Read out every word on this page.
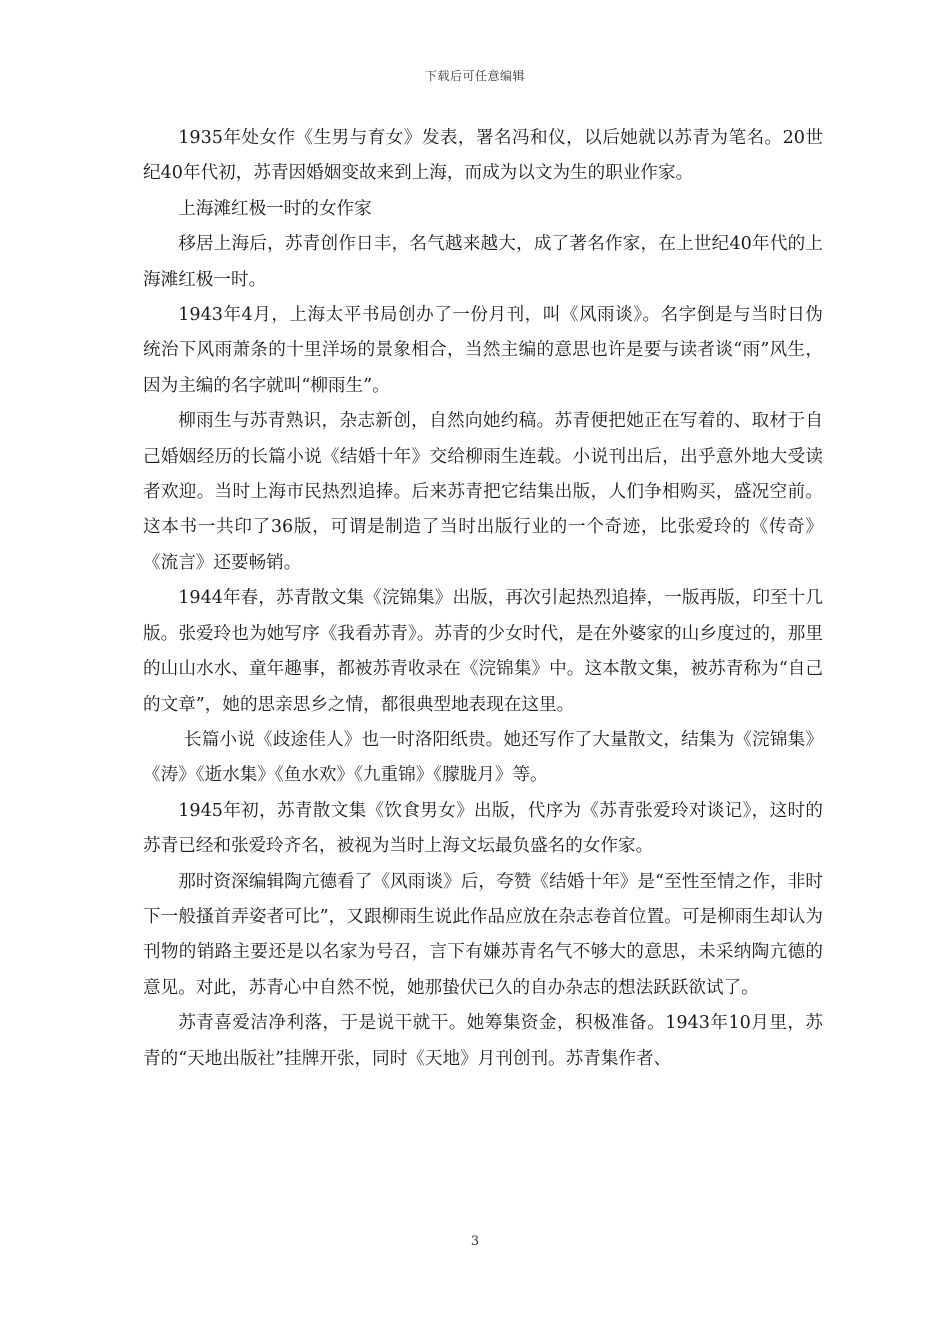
下载后可任意编辑

1935年处女作《生男与育女》发表，署名冯和仪，以后她就以苏青为笔名。20世纪40年代初，苏青因婚姻变故来到上海，而成为以文为生的职业作家。

上海滩红极一时的女作家

移居上海后，苏青创作日丰，名气越来越大，成了著名作家，在上世纪40年代的上海滩红极一时。

1943年4月，上海太平书局创办了一份月刊，叫《风雨谈》。名字倒是与当时日伪统治下风雨萧条的十里洋场的景象相合，当然主编的意思也许是要与读者谈“雨”风生，因为主编的名字就叫“柳雨生”。

柳雨生与苏青熟识，杂志新创，自然向她约稿。苏青便把她正在写着的、取材于自己婚姻经历的长篇小说《结婚十年》交给柳雨生连载。小说刊出后，出乎意外地大受读者欢迎。当时上海市民热烈追捧。后来苏青把它结集出版，人们争相购买，盛况空前。这本书一共印了36版，可谓是制造了当时出版行业的一个奇迹，比张爱玲的《传奇》《流言》还要畅销。

1944年春，苏青散文集《浣锦集》出版，再次引起热烈追捧，一版再版，印至十几版。张爱玲也为她写序《我看苏青》。苏青的少女时代，是在外婆家的山乡度过的，那里的山山水水、童年趣事，都被苏青收录在《浣锦集》中。这本散文集，被苏青称为“自己的文章”，她的思亲思乡之情，都很典型地表现在这里。

长篇小说《歧途佳人》也一时洛阳纸贵。她还写作了大量散文，结集为《浣锦集》《涛》《逝水集》《鱼水欢》《九重锦》《朦胧月》等。

1945年初，苏青散文集《饮食男女》出版，代序为《苏青张爱玲对谈记》，这时的苏青已经和张爱玲齐名，被视为当时上海文坛最负盛名的女作家。

那时资深编辑陶亢德看了《风雨谈》后，夸赞《结婚十年》是“至性至情之作，非时下一般搔首弄姿者可比”，又跟柳雨生说此作品应放在杂志卷首位置。可是柳雨生却认为刊物的销路主要还是以名家为号召，言下有嫌苏青名气不够大的意思，未采纳陶亢德的意见。对此，苏青心中自然不悦，她那蛰伏已久的自办杂志的想法跃跃欲试了。

苏青喜爱洁净利落，于是说干就干。她筹集资金，积极准备。1943年10月里，苏青的“天地出版社”挂牌开张，同时《天地》月刊创刊。苏青集作者、

3
